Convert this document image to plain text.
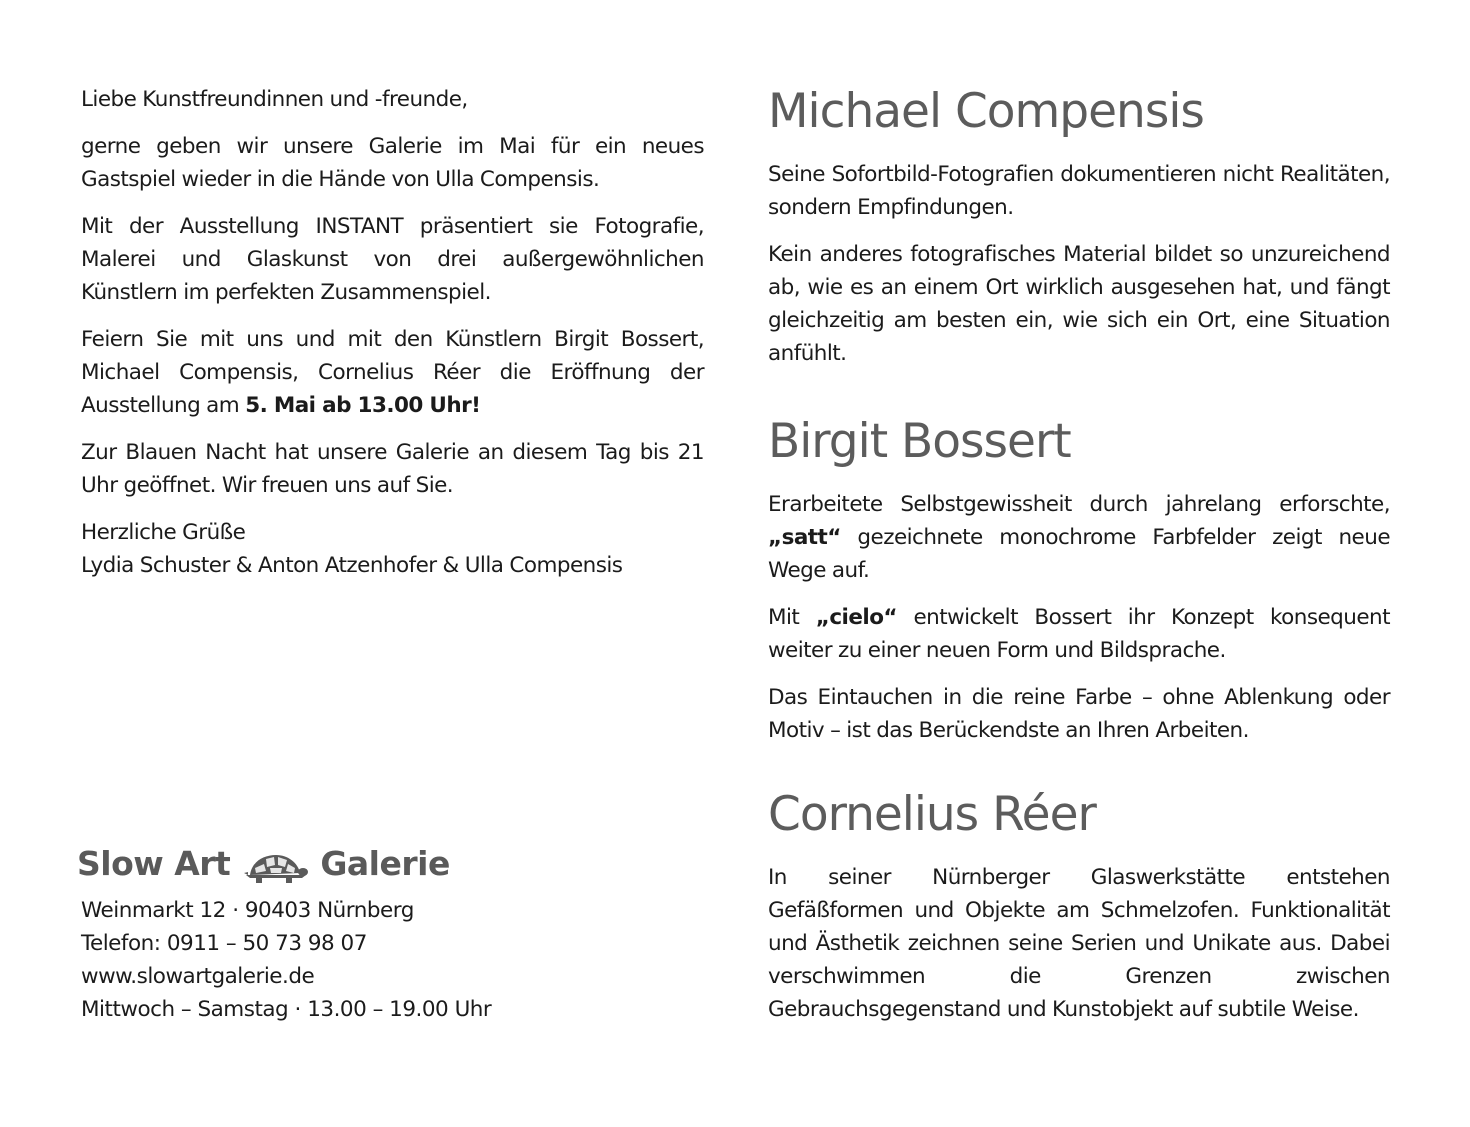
Liebe Kunstfreundinnen und -freunde,

gerne geben wir unsere Galerie im Mai für ein neues Gastspiel wieder in die Hände von Ulla Compensis.

Mit der Ausstellung INSTANT präsentiert sie Fotografie, Malerei und Glaskunst von drei außergewöhnlichen Künstlern im perfekten Zusammenspiel.

Feiern Sie mit uns und mit den Künstlern Birgit Bossert, Michael Compensis, Cornelius Réer die Eröffnung der Ausstellung am 5. Mai ab 13.00 Uhr!

Zur Blauen Nacht hat unsere Galerie an diesem Tag bis 21 Uhr geöffnet. Wir freuen uns auf Sie.

Herzliche Grüße
Lydia Schuster & Anton Atzenhofer & Ulla Compensis

Slow Art	Galerie
Weinmarkt 12 · 90403 Nürnberg
Telefon: 0911 – 50 73 98 07
www.slowartgalerie.de
Mittwoch – Samstag · 13.00 – 19.00 Uhr
Michael Compensis

Seine Sofortbild-Fotografien dokumentieren nicht Realitäten, sondern Empfindungen.

Kein anderes fotografisches Material bildet so unzureichend ab, wie es an einem Ort wirklich ausgesehen hat, und fängt gleichzeitig am besten ein, wie sich ein Ort, eine Situation anfühlt.

Birgit Bossert

Erarbeitete Selbstgewissheit durch jahrelang erforschte, „satt“ gezeichnete monochrome Farbfelder zeigt neue Wege auf.

Mit „cielo“ entwickelt Bossert ihr Konzept konsequent weiter zu einer neuen Form und Bildsprache.

Das Eintauchen in die reine Farbe – ohne Ablenkung oder Motiv – ist das Berückendste an Ihren Arbeiten.

Cornelius Réer

In seiner Nürnberger Glaswerkstätte entstehen Gefäßformen und Objekte am Schmelzofen. Funktionalität und Ästhetik zeichnen seine Serien und Unikate aus. Dabei verschwimmen die Grenzen zwischen Gebrauchsgegenstand und Kunstobjekt auf subtile Weise.
